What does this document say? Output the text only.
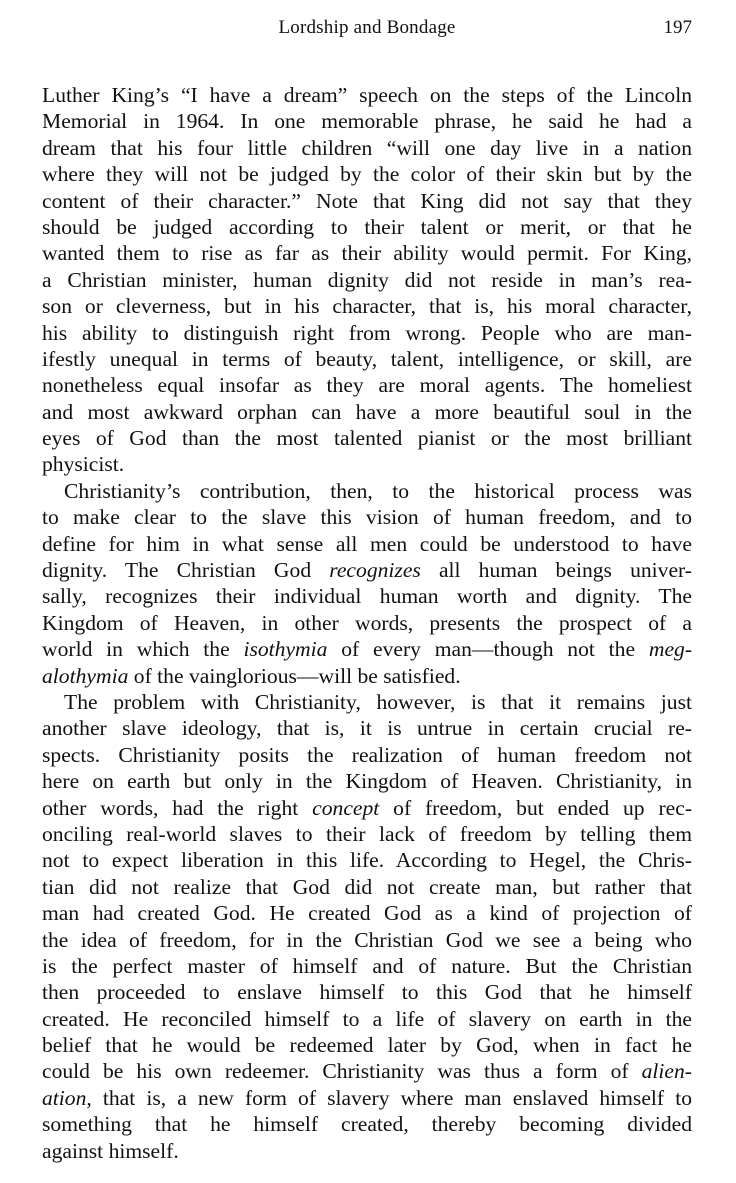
Lordship and Bondage	197
Luther King’s “I have a dream” speech on the steps of the Lincoln
Memorial in 1964. In one memorable phrase, he said he had a
dream that his four little children “will one day live in a nation
where they will not be judged by the color of their skin but by the
content of their character.” Note that King did not say that they
should be judged according to their talent or merit, or that he
wanted them to rise as far as their ability would permit. For King,
a Christian minister, human dignity did not reside in man’s rea-
son or cleverness, but in his character, that is, his moral character,
his ability to distinguish right from wrong. People who are man-
ifestly unequal in terms of beauty, talent, intelligence, or skill, are
nonetheless equal insofar as they are moral agents. The homeliest
and most awkward orphan can have a more beautiful soul in the
eyes of God than the most talented pianist or the most brilliant
physicist.
Christianity’s contribution, then, to the historical process was
to make clear to the slave this vision of human freedom, and to
define for him in what sense all men could be understood to have
dignity. The Christian God recognizes all human beings univer-
sally, recognizes their individual human worth and dignity. The
Kingdom of Heaven, in other words, presents the prospect of a
world in which the isothymia of every man—though not the meg-
alothymia of the vainglorious—will be satisfied.
The problem with Christianity, however, is that it remains just
another slave ideology, that is, it is untrue in certain crucial re-
spects. Christianity posits the realization of human freedom not
here on earth but only in the Kingdom of Heaven. Christianity, in
other words, had the right concept of freedom, but ended up rec-
onciling real-world slaves to their lack of freedom by telling them
not to expect liberation in this life. According to Hegel, the Chris-
tian did not realize that God did not create man, but rather that
man had created God. He created God as a kind of projection of
the idea of freedom, for in the Christian God we see a being who
is the perfect master of himself and of nature. But the Christian
then proceeded to enslave himself to this God that he himself
created. He reconciled himself to a life of slavery on earth in the
belief that he would be redeemed later by God, when in fact he
could be his own redeemer. Christianity was thus a form of alien-
ation, that is, a new form of slavery where man enslaved himself to
something that he himself created, thereby becoming divided
against himself.
